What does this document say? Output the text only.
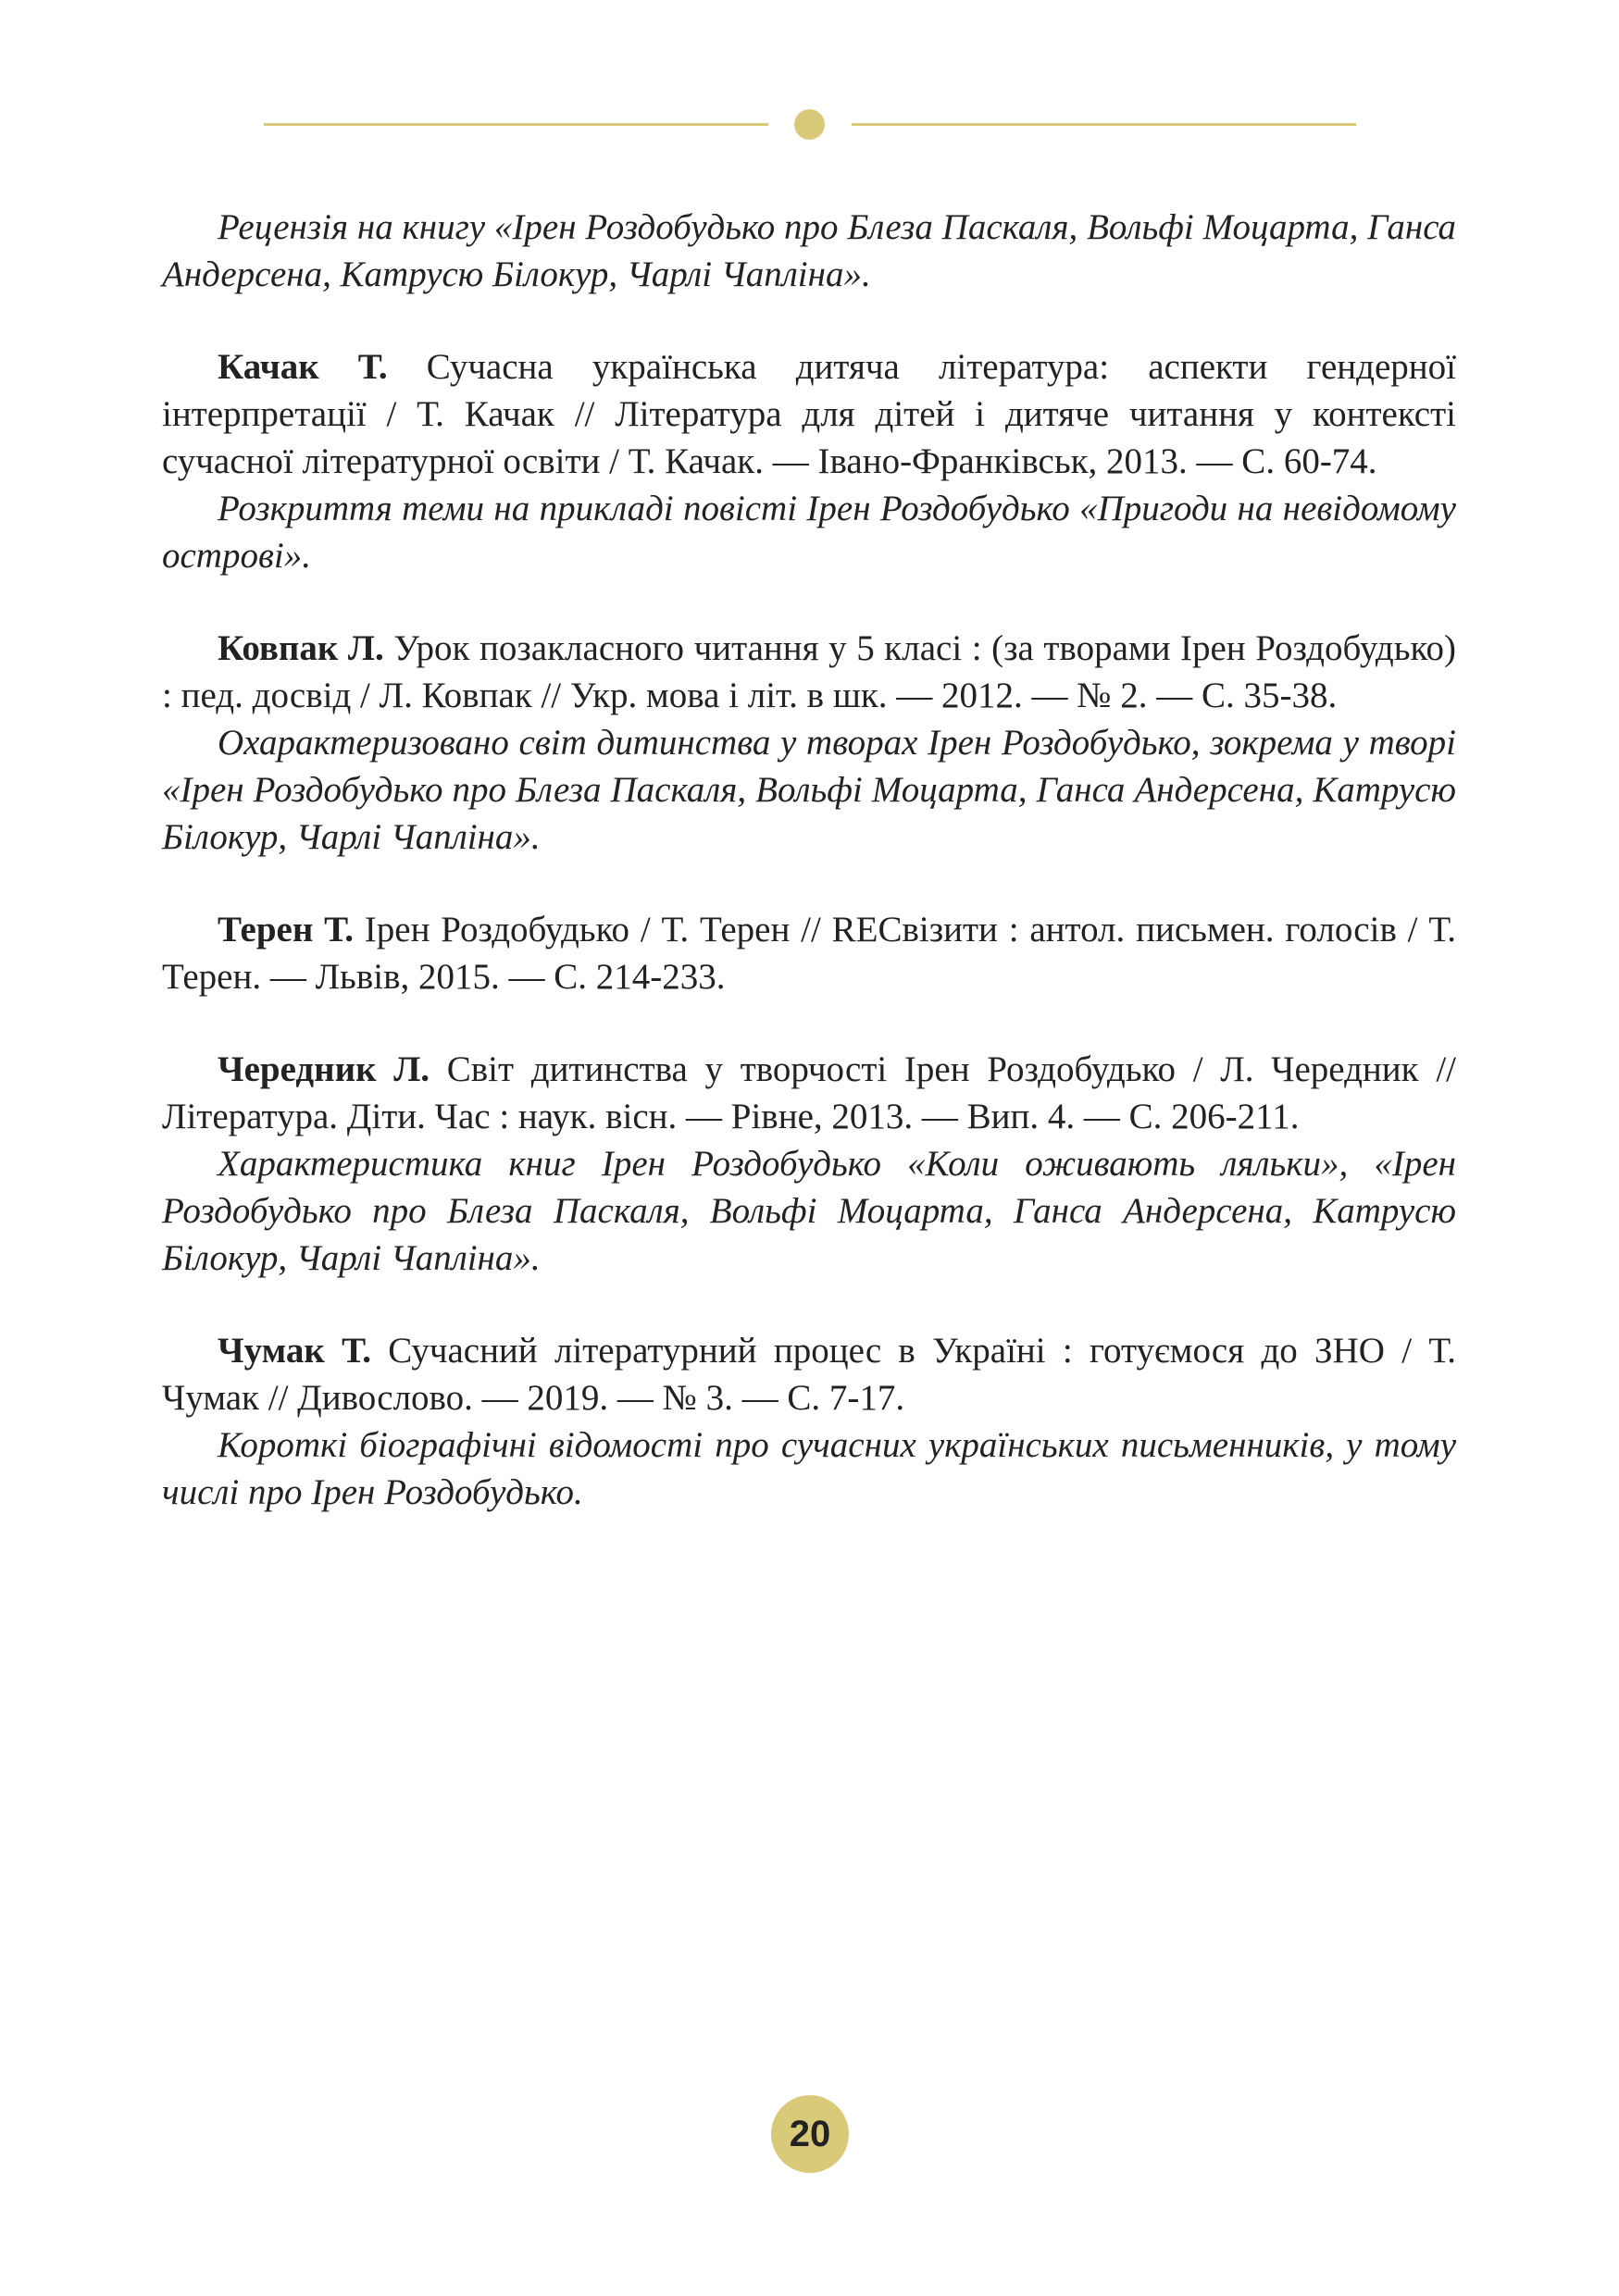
Рецензія на книгу «Ірен Роздобудько про Блеза Паскаля, Вольфі Моцарта, Ганса Андерсена, Катрусю Білокур, Чарлі Чапліна».

Качак Т. Сучасна українська дитяча література: аспекти гендерної інтерпретації / Т. Качак // Література для дітей і дитяче читання у контексті сучасної літературної освіти / Т. Качак. — Івано-Франківськ, 2013. — С. 60-74.

Розкриття теми на прикладі повісті Ірен Роздобудько «Пригоди на невідомому острові».

Ковпак Л. Урок позакласного читання у 5 класі : (за творами Ірен Роздобудько) : пед. досвід / Л. Ковпак // Укр. мова і літ. в шк. — 2012. — № 2. — С. 35-38.

Охарактеризовано світ дитинства у творах Ірен Роздобудько, зокрема у творі «Ірен Роздобудько про Блеза Паскаля, Вольфі Моцарта, Ганса Андерсена, Катрусю Білокур, Чарлі Чапліна».

Терен Т. Ірен Роздобудько / Т. Терен // RECвізити : антол. письмен. голосів / Т. Терен. — Львів, 2015. — С. 214-233.

Чередник Л. Світ дитинства у творчості Ірен Роздобудько / Л. Чередник // Література. Діти. Час : наук. вісн. — Рівне, 2013. — Вип. 4. — С. 206-211.

Характеристика книг Ірен Роздобудько «Коли оживають ляльки», «Ірен Роздобудько про Блеза Паскаля, Вольфі Моцарта, Ганса Андерсена, Катрусю Білокур, Чарлі Чапліна».

Чумак Т. Сучасний літературний процес в Україні : готуємося до ЗНО / Т. Чумак // Дивослово. — 2019. — № 3. — С. 7-17.

Короткі біографічні відомості про сучасних українських письменників, у тому числі про Ірен Роздобудько.

20
